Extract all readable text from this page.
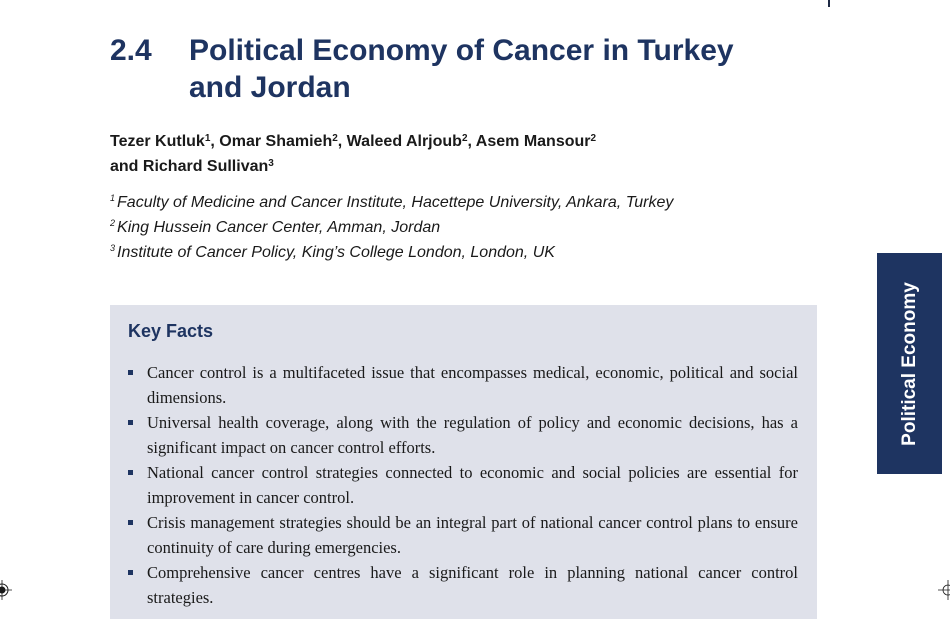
2.4 Political Economy of Cancer in Turkey and Jordan
Tezer Kutluk$^1$, Omar Shamieh$^2$, Waleed Alrjoub$^2$, Asem Mansour$^2$
and Richard Sullivan$^3$
$^1$ Faculty of Medicine and Cancer Institute, Hacettepe University, Ankara, Turkey
$^2$ King Hussein Cancer Center, Amman, Jordan
$^3$ Institute of Cancer Policy, King’s College London, London, UK
Key Facts
Cancer control is a multifaceted issue that encompasses medical, economic, political and social dimensions.
Universal health coverage, along with the regulation of policy and economic decisions, has a significant impact on cancer control efforts.
National cancer control strategies connected to economic and social policies are essential for improvement in cancer control.
Crisis management strategies should be an integral part of national cancer control plans to ensure continuity of care during emergencies.
Comprehensive cancer centres have a significant role in planning national cancer control strategies.
Political Economy
